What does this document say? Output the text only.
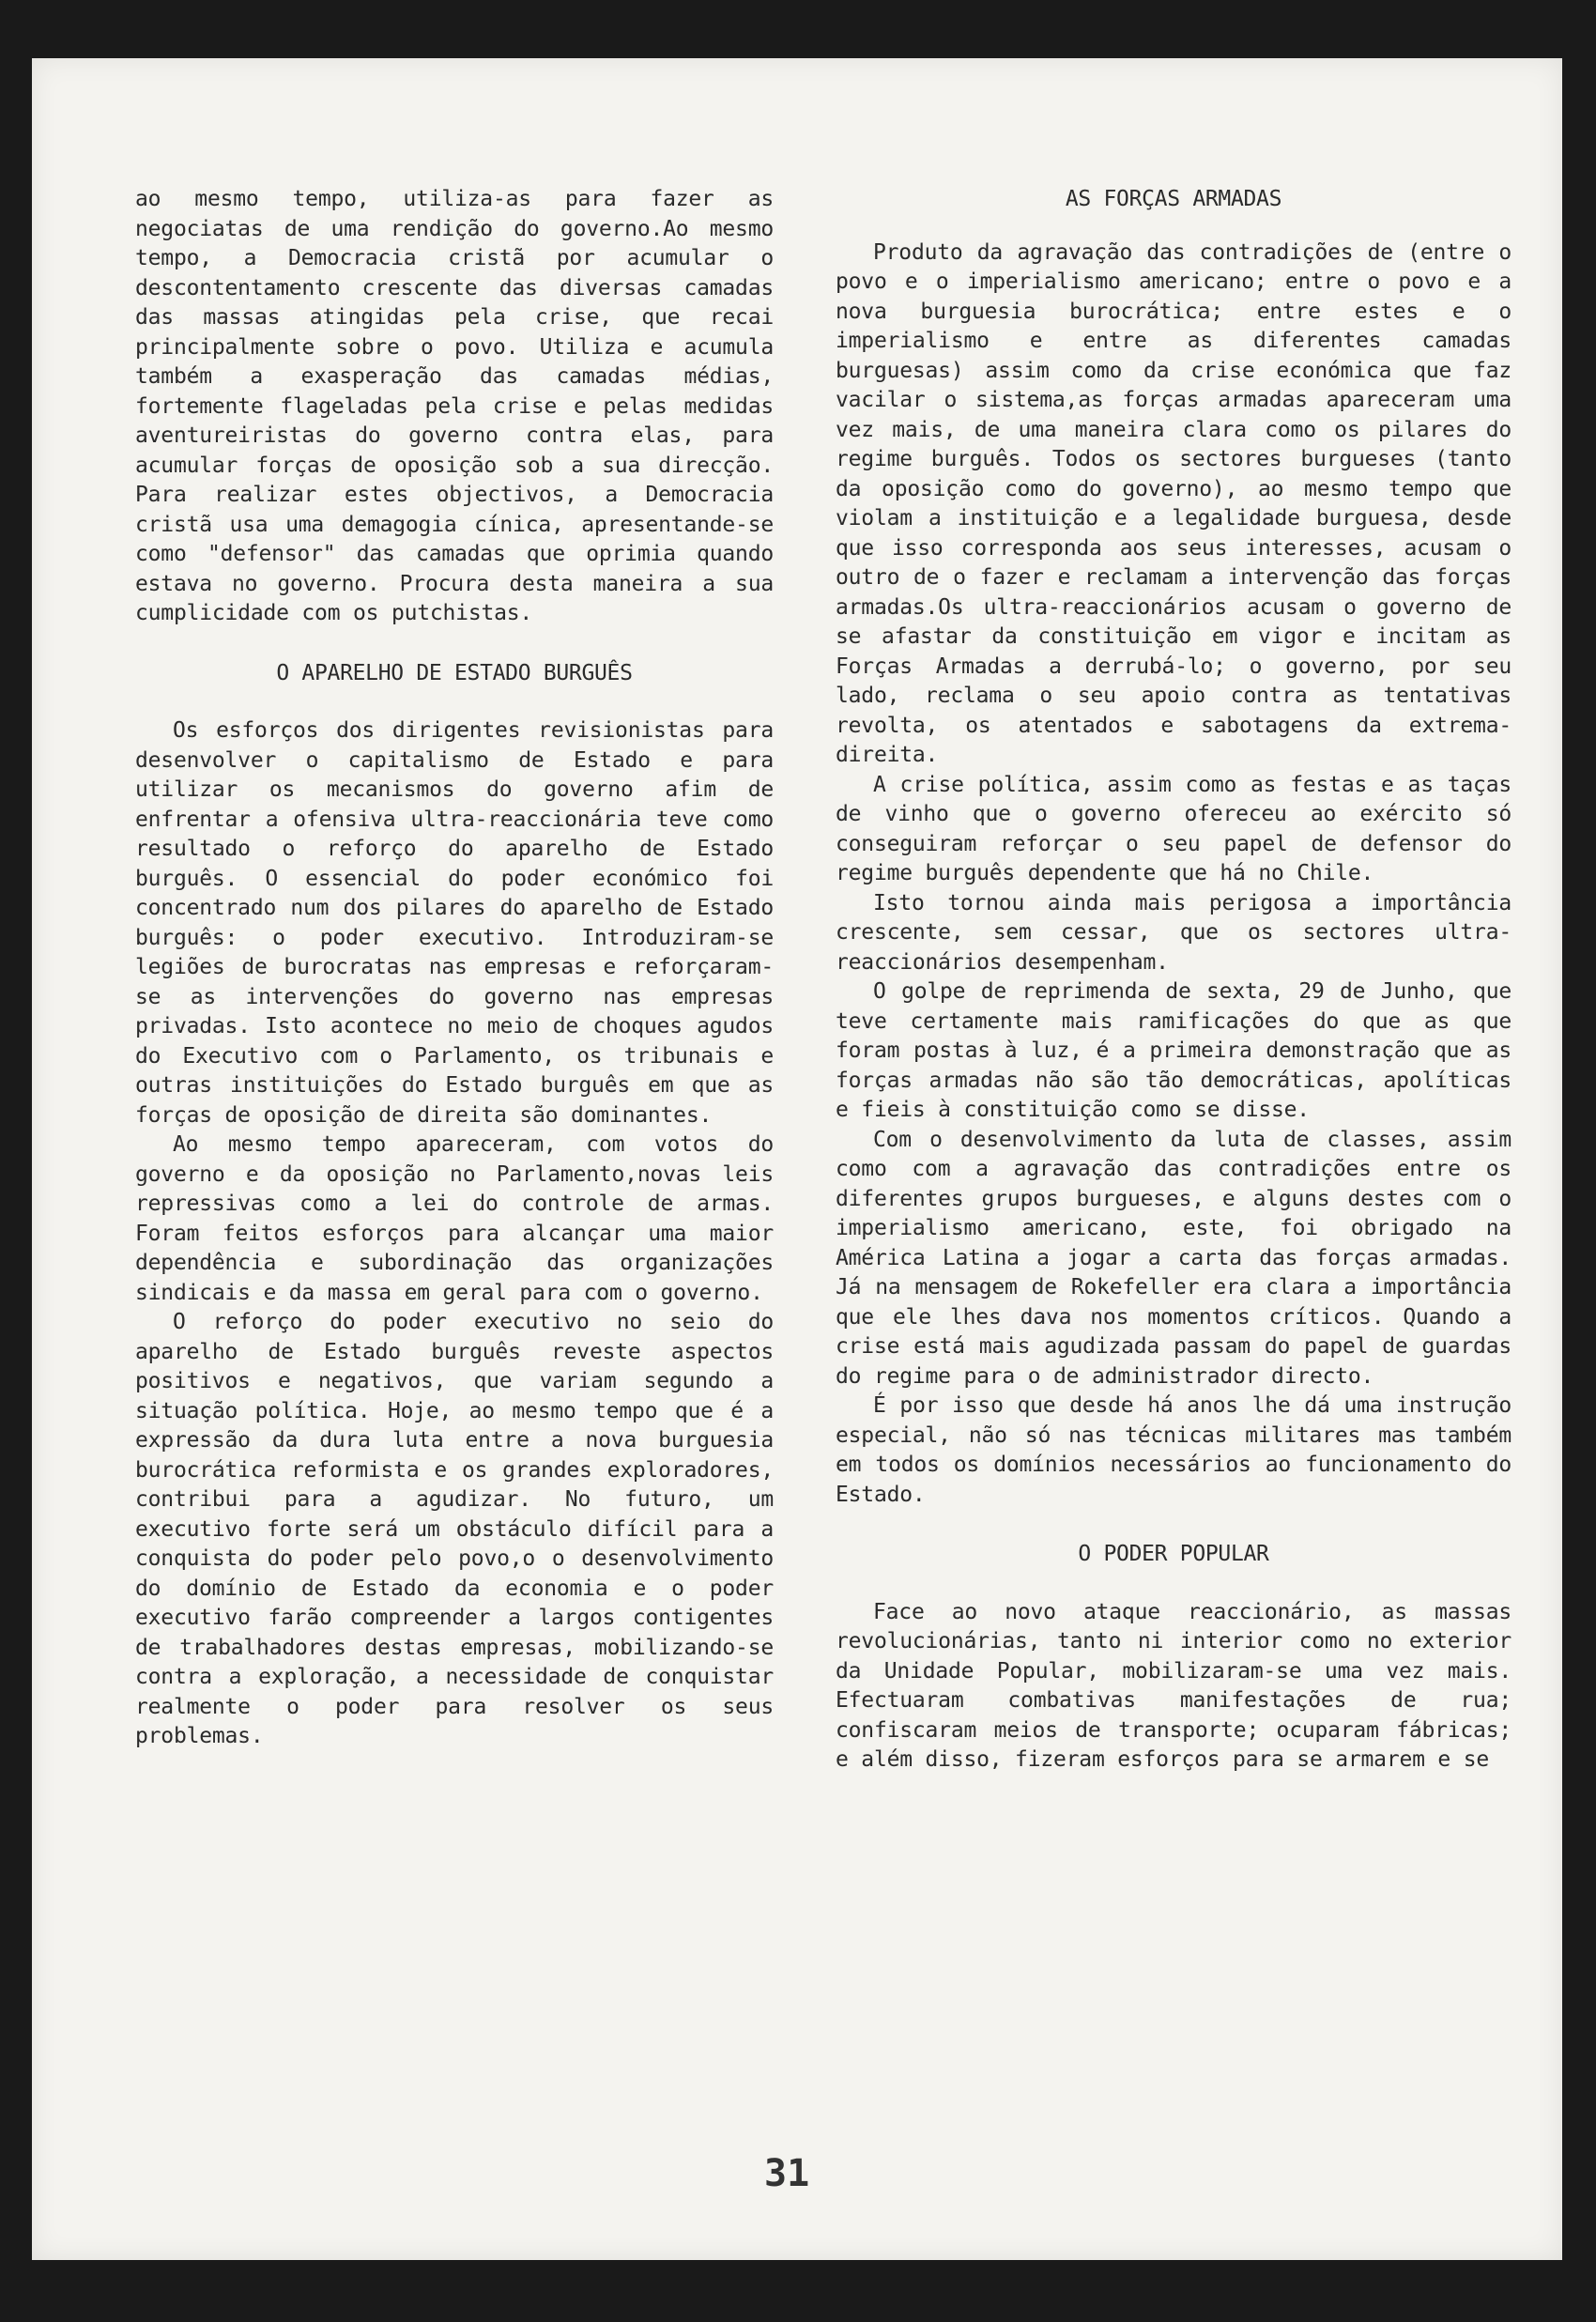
ao mesmo tempo, utiliza-as para fazer as negociatas de uma rendição do governo.Ao mesmo tempo, a Democracia cristã por acumular o descontentamento crescente das diversas camadas das massas atingidas pela crise, que recai principalmente sobre o povo. Utiliza e acumula também a exasperação das camadas médias, fortemente flageladas pela crise e pelas medidas aventureiristas do governo contra elas, para acumular forças de oposição sob a sua direcção. Para realizar estes objectivos, a Democracia cristã usa uma demagogia cínica, apresentande-se como "defensor" das camadas que oprimia quando estava no governo. Procura desta maneira a sua cumplicidade com os putchistas.

O APARELHO DE ESTADO BURGUÊS

Os esforços dos dirigentes revisionistas para desenvolver o capitalismo de Estado e para utilizar os mecanismos do governo afim de enfrentar a ofensiva ultra-reaccionária teve como resultado o reforço do aparelho de Estado burguês. O essencial do poder económico foi concentrado num dos pilares do aparelho de Estado burguês: o poder executivo. Introduziram-se legiões de burocratas nas empresas e reforçaram-se as intervenções do governo nas empresas privadas. Isto acontece no meio de choques agudos do Executivo com o Parlamento, os tribunais e outras instituições do Estado burguês em que as forças de oposição de direita são dominantes.

Ao mesmo tempo apareceram, com votos do governo e da oposição no Parlamento,novas leis repressivas como a lei do controle de armas. Foram feitos esforços para alcançar uma maior dependência e subordinação das organizações sindicais e da massa em geral para com o governo.

O reforço do poder executivo no seio do aparelho de Estado burguês reveste aspectos positivos e negativos, que variam segundo a situação política. Hoje, ao mesmo tempo que é a expressão da dura luta entre a nova burguesia burocrática reformista e os grandes exploradores, contribui para a agudizar. No futuro, um executivo forte será um obstáculo difícil para a conquista do poder pelo povo,o o desenvolvimento do domínio de Estado da economia e o poder executivo farão compreender a largos contigentes de trabalhadores destas empresas, mobilizando-se contra a exploração, a necessidade de conquistar realmente o poder para resolver os seus problemas.

AS FORÇAS ARMADAS

Produto da agravação das contradições de (entre o povo e o imperialismo americano; entre o povo e a nova burguesia burocrática; entre estes e o imperialismo e entre as diferentes camadas burguesas) assim como da crise económica que faz vacilar o sistema,as forças armadas apareceram uma vez mais, de uma maneira clara como os pilares do regime burguês. Todos os sectores burgueses (tanto da oposição como do governo), ao mesmo tempo que violam a instituição e a legalidade burguesa, desde que isso corresponda aos seus interesses, acusam o outro de o fazer e reclamam a intervenção das forças armadas.Os ultra-reaccionários acusam o governo de se afastar da constituição em vigor e incitam as Forças Armadas a derrubá-lo; o governo, por seu lado, reclama o seu apoio contra as tentativas revolta, os atentados e sabotagens da extrema-direita.

A crise política, assim como as festas e as taças de vinho que o governo ofereceu ao exército só conseguiram reforçar o seu papel de defensor do regime burguês dependente que há no Chile.

Isto tornou ainda mais perigosa a importância crescente, sem cessar, que os sectores ultra-reaccionários desempenham.

O golpe de reprimenda de sexta, 29 de Junho, que teve certamente mais ramificações do que as que foram postas à luz, é a primeira demonstração que as forças armadas não são tão democráticas, apolíticas e fieis à constituição como se disse.

Com o desenvolvimento da luta de classes, assim como com a agravação das contradições entre os diferentes grupos burgueses, e alguns destes com o imperialismo americano, este, foi obrigado na América Latina a jogar a carta das forças armadas. Já na mensagem de Rokefeller era clara a importância que ele lhes dava nos momentos críticos. Quando a crise está mais agudizada passam do papel de guardas do regime para o de administrador directo.

É por isso que desde há anos lhe dá uma instrução especial, não só nas técnicas militares mas também em todos os domínios necessários ao funcionamento do Estado.

O PODER POPULAR

Face ao novo ataque reaccionário, as massas revolucionárias, tanto ni interior como no exterior da Unidade Popular, mobilizaram-se uma vez mais. Efectuaram combativas manifestações de rua; confiscaram meios de transporte; ocuparam fábricas; e além disso, fizeram esforços para se armarem e se

31
